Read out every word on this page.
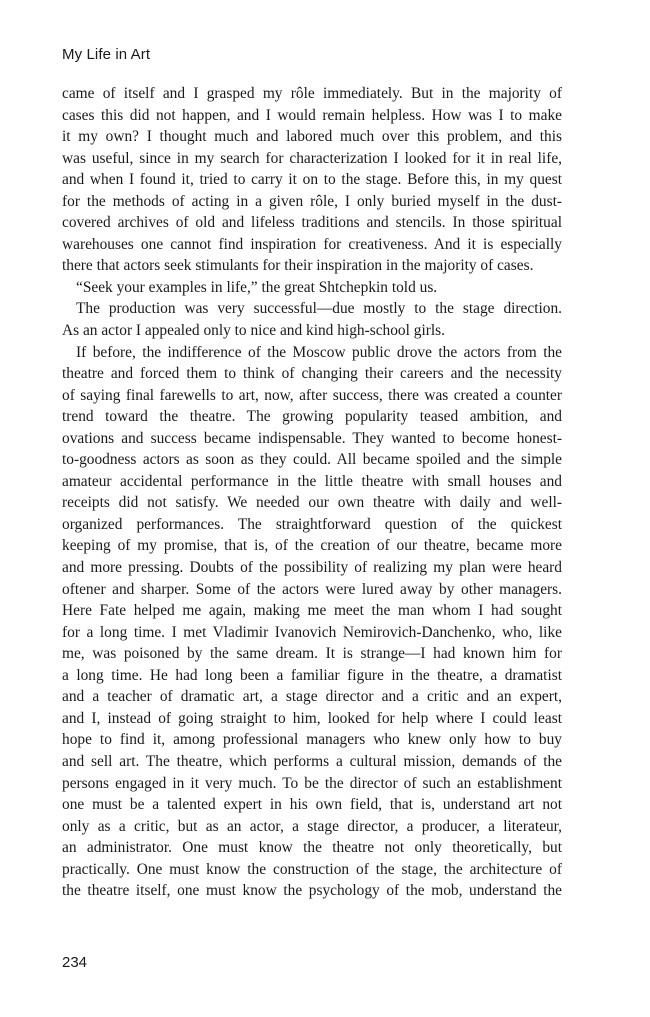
My Life in Art

came of itself and I grasped my rôle immediately. But in the majority of
cases this did not happen, and I would remain helpless. How was I to make
it my own? I thought much and labored much over this problem, and this
was useful, since in my search for characterization I looked for it in real life,
and when I found it, tried to carry it on to the stage. Before this, in my quest
for the methods of acting in a given rôle, I only buried myself in the dust-
covered archives of old and lifeless traditions and stencils. In those spiritual
warehouses one cannot find inspiration for creativeness. And it is especially
there that actors seek stimulants for their inspiration in the majority of cases.

“Seek your examples in life,” the great Shtchepkin told us.

The production was very successful—due mostly to the stage direction.
As an actor I appealed only to nice and kind high-school girls.

If before, the indifference of the Moscow public drove the actors from the
theatre and forced them to think of changing their careers and the necessity
of saying final farewells to art, now, after success, there was created a counter
trend toward the theatre. The growing popularity teased ambition, and
ovations and success became indispensable. They wanted to become honest-
to-goodness actors as soon as they could. All became spoiled and the simple
amateur accidental performance in the little theatre with small houses and
receipts did not satisfy. We needed our own theatre with daily and well-
organized performances. The straightforward question of the quickest
keeping of my promise, that is, of the creation of our theatre, became more
and more pressing. Doubts of the possibility of realizing my plan were heard
oftener and sharper. Some of the actors were lured away by other managers.
Here Fate helped me again, making me meet the man whom I had sought
for a long time. I met Vladimir Ivanovich Nemirovich-Danchenko, who, like
me, was poisoned by the same dream. It is strange—I had known him for
a long time. He had long been a familiar figure in the theatre, a dramatist
and a teacher of dramatic art, a stage director and a critic and an expert,
and I, instead of going straight to him, looked for help where I could least
hope to find it, among professional managers who knew only how to buy
and sell art. The theatre, which performs a cultural mission, demands of the
persons engaged in it very much. To be the director of such an establishment
one must be a talented expert in his own field, that is, understand art not
only as a critic, but as an actor, a stage director, a producer, a literateur,
an administrator. One must know the theatre not only theoretically, but
practically. One must know the construction of the stage, the architecture of
the theatre itself, one must know the psychology of the mob, understand the

234
